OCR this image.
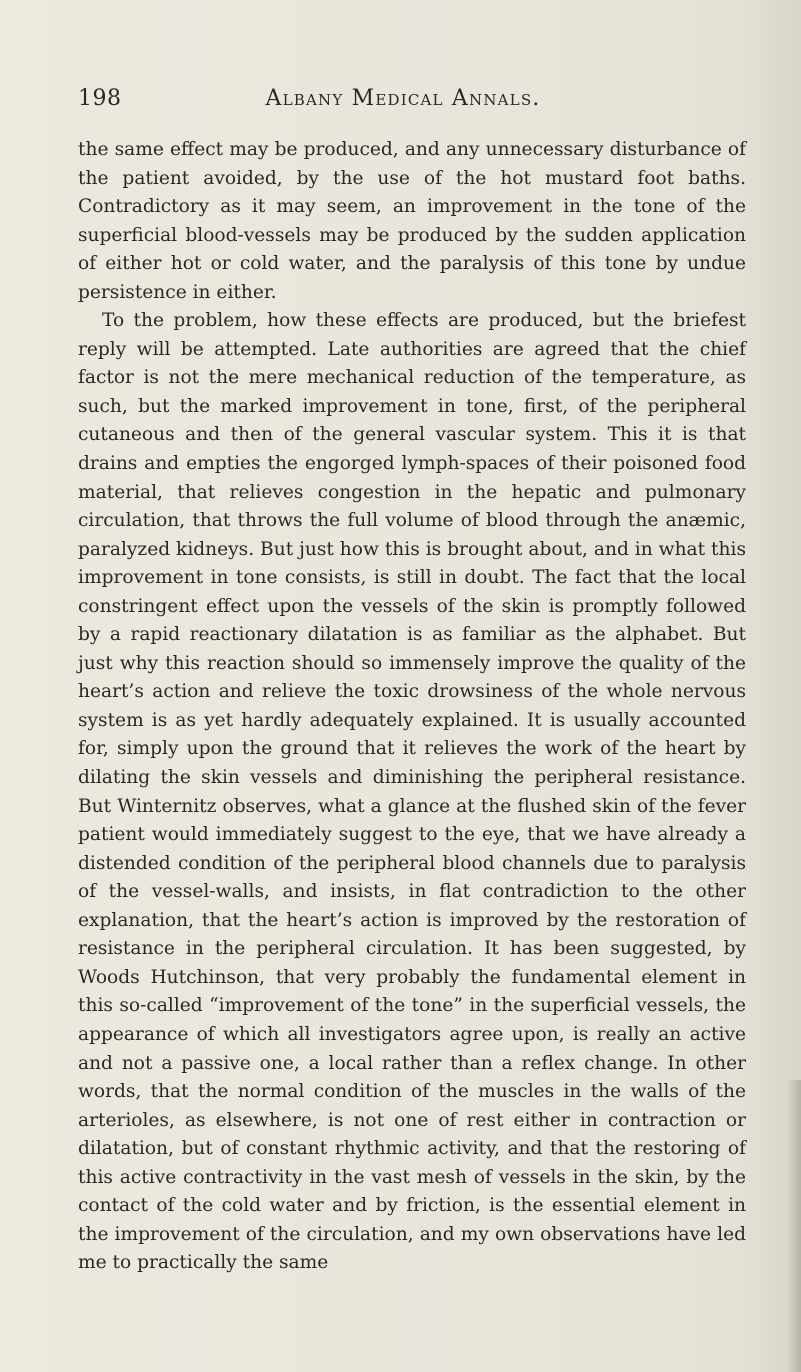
Albany Medical Annals.
198

the same effect may be produced, and any unnecessary disturbance of the patient avoided, by the use of the hot mustard foot baths. Contradictory as it may seem, an improvement in the tone of the superficial blood-vessels may be produced by the sudden application of either hot or cold water, and the paralysis of this tone by undue persistence in either.

To the problem, how these effects are produced, but the briefest reply will be attempted. Late authorities are agreed that the chief factor is not the mere mechanical reduction of the temperature, as such, but the marked improvement in tone, first, of the peripheral cutaneous and then of the general vascular system. This it is that drains and empties the engorged lymph-spaces of their poisoned food material, that relieves congestion in the hepatic and pulmonary circulation, that throws the full volume of blood through the anæmic, paralyzed kidneys. But just how this is brought about, and in what this improvement in tone consists, is still in doubt. The fact that the local constringent effect upon the vessels of the skin is promptly followed by a rapid reactionary dilatation is as familiar as the alphabet. But just why this reaction should so immensely improve the quality of the heart’s action and relieve the toxic drowsiness of the whole nervous system is as yet hardly adequately explained. It is usually accounted for, simply upon the ground that it relieves the work of the heart by dilating the skin vessels and diminishing the peripheral resistance. But Winternitz observes, what a glance at the flushed skin of the fever patient would immediately suggest to the eye, that we have already a distended condition of the peripheral blood channels due to paralysis of the vessel-walls, and insists, in flat contradiction to the other explanation, that the heart’s action is improved by the restoration of resistance in the peripheral circulation. It has been suggested, by Woods Hutchinson, that very probably the fundamental element in this so-called “improvement of the tone” in the superficial vessels, the appearance of which all investigators agree upon, is really an active and not a passive one, a local rather than a reflex change. In other words, that the normal condition of the muscles in the walls of the arterioles, as elsewhere, is not one of rest either in contraction or dilatation, but of constant rhythmic activity, and that the restoring of this active contractivity in the vast mesh of vessels in the skin, by the contact of the cold water and by friction, is the essential element in the improvement of the circulation, and my own observations have led me to practically the same
